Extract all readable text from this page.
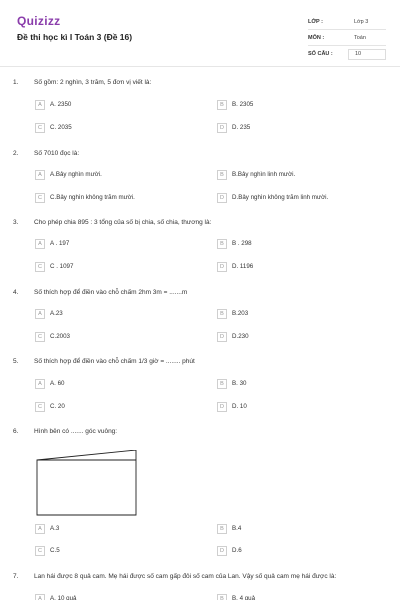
Quizizz
Đề thi học kì I Toán 3 (Đề 16)
LỚP :	Lớp 3
MÔN :	Toán
SỐ CÂU :	10
1. Số gồm: 2 nghìn, 3 trăm, 5 đơn vị viết là:
A	A. 2350	B	B. 2305
C	C. 2035	D	D. 235
2. Số 7010 đọc là:
A	A.Bảy nghìn mười.	B	B.Bảy nghìn linh mười.
C	C.Bảy nghìn không trăm mười.	D	D.Bảy nghìn không trăm linh mười.
3. Cho phép chia 895 : 3 tổng của số bị chia, số chia, thương là:
A	A . 197	B	B . 298
C	C . 1097	D	D. 1196
4. Số thích hợp để điền vào chỗ chấm 2hm 3m = .......m
A	A.23	B	B.203
C	C.2003	D	D.230
5. Số thích hợp để điền vào chỗ chấm 1/3 giờ = ........ phút
A	A. 60	B	B. 30
C	C. 20	D	D. 10
6. Hình bên có ....... góc vuông:
A	A.3	B	B.4
C	C.5	D	D.6
7. Lan hái được 8 quả cam. Mẹ hái được số cam gấp đôi số cam của Lan. Vậy số quả cam mẹ hái được là:
A	A. 10 quả	B	B. 4 quả
